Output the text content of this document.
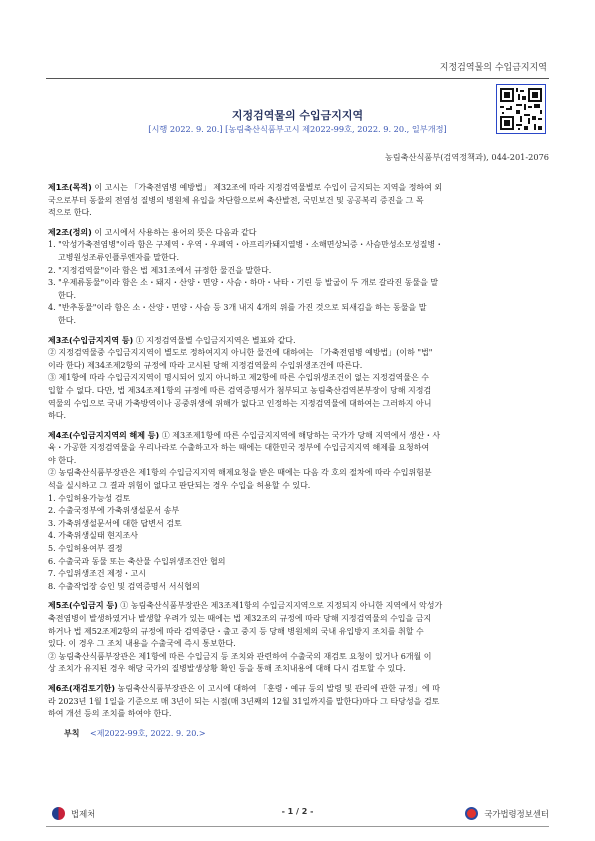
지정검역물의 수입금지지역
지정검역물의 수입금지지역
[시행 2022. 9. 20.] [농림축산식품부고시 제2022-99호, 2022. 9. 20., 일부개정]
농림축산식품부(검역정책과), 044-201-2076
제1조(목적) 이 고시는 「가축전염병 예방법」 제32조에 따라 지정검역물별로 수입이 금지되는 지역을 정하여 외
국으로부터 동물의 전염성 질병의 병원체 유입을 차단함으로써 축산발전, 국민보건 및 공공복리 증진을 그 목
적으로 한다.
제2조(정의) 이 고시에서 사용하는 용어의 뜻은 다음과 같다
1. "악성가축전염병"이라 함은 구제역・우역・우폐역・아프리카돼지열병・소해면상뇌증・사슴만성소모성질병・
고병원성조류인플루엔자를 말한다.
2. "지정검역물"이라 함은 법 제31조에서 규정한 물건을 말한다.
3. "우제류동물"이라 함은 소・돼지・산양・면양・사슴・하마・낙타・기린 등 발굽이 두 개로 갈라진 동물을 말
한다.
4. "반추동물"이라 함은 소・산양・면양・사슴 등 3개 내지 4개의 위를 가진 것으로 되새김을 하는 동물을 말
한다.
제3조(수입금지지역 등) ① 지정검역물별 수입금지지역은 별표와 같다.
② 지정검역물중 수입금지지역이 별도로 정하여지지 아니한 물건에 대하여는 「가축전염병 예방법」(이하 "법"
이라 한다) 제34조제2항의 규정에 따라 고시된 당해 지정검역물의 수입위생조건에 따른다.
③ 제1항에 따라 수입금지지역이 명시되어 있지 아니하고 제2항에 따른 수입위생조건이 없는 지정검역물은 수
입할 수 없다. 다만, 법 제34조제1항의 규정에 따른 검역증명서가 첨부되고 농림축산검역본부장이 당해 지정검
역물의 수입으로 국내 가축방역이나 공중위생에 위해가 없다고 인정하는 지정검역물에 대하여는 그러하지 아니
하다.
제4조(수입금지지역의 해제 등) ① 제3조제1항에 따른 수입금지지역에 해당하는 국가가 당해 지역에서 생산・사
육・가공한 지정검역물을 우리나라로 수출하고자 하는 때에는 대한민국 정부에 수입금지지역 해제를 요청하여
야 한다.
② 농림축산식품부장관은 제1항의 수입금지지역 해제요청을 받은 때에는 다음 각 호의 절차에 따라 수입위험분
석을 실시하고 그 결과 위험이 없다고 판단되는 경우 수입을 허용할 수 있다.
1. 수입허용가능성 검토
2. 수출국정부에 가축위생설문서 송부
3. 가축위생설문서에 대한 답변서 검토
4. 가축위생실태 현지조사
5. 수입허용여부 결정
6. 수출국과 동물 또는 축산물 수입위생조건안 협의
7. 수입위생조건 제정・고시
8. 수출작업장 승인 및 검역증명서 서식협의
제5조(수입금지 등) ① 농림축산식품부장관은 제3조제1항의 수입금지지역으로 지정되지 아니한 지역에서 악성가
축전염병이 발생하였거나 발생할 우려가 있는 때에는 법 제32조의 규정에 따라 당해 지정검역물의 수입을 금지
하거나 법 제52조제2항의 규정에 따라 검역중단・출고 중지 등 당해 병원체의 국내 유입방지 조치를 취할 수
있다. 이 경우 그 조치 내용을 수출국에 즉시 통보한다.
② 농림축산식품부장관은 제1항에 따른 수입금지 등 조치와 관련하여 수출국의 재검토 요청이 있거나 6개월 이
상 조치가 유지된 경우 해당 국가의 질병발생상황 확인 등을 통해 조치내용에 대해 다시 검토할 수 있다.
제6조(재검토기한) 농림축산식품부장관은 이 고시에 대하여 「훈령・예규 등의 발령 및 관리에 관한 규정」에 따
라 2023년 1월 1일을 기준으로 매 3년이 되는 시점(매 3년째의 12월 31일까지를 말한다)마다 그 타당성을 검토
하여 개선 등의 조치를 하여야 한다.
부칙 <제2022-99호, 2022. 9. 20.>
법제처	- 1 / 2 -	국가법령정보센터
